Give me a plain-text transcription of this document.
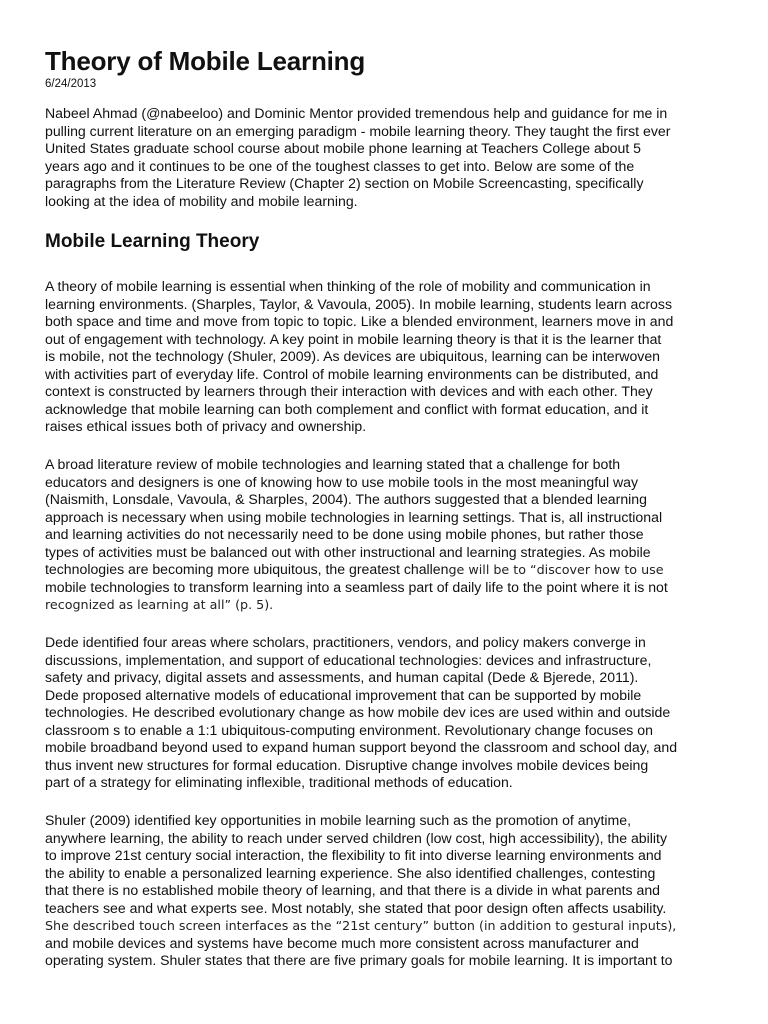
Theory of Mobile Learning
6/24/2013
Nabeel Ahmad (@nabeeloo) and Dominic Mentor provided tremendous help and guidance for me in
pulling current literature on an emerging paradigm - mobile learning theory. They taught the first ever
United States graduate school course about mobile phone learning at Teachers College about 5
years ago and it continues to be one of the toughest classes to get into. Below are some of the
paragraphs from the Literature Review (Chapter 2) section on Mobile Screencasting, specifically
looking at the idea of mobility and mobile learning.
Mobile Learning Theory
A theory of mobile learning is essential when thinking of the role of mobility and communication in
learning environments. (Sharples, Taylor, & Vavoula, 2005). In mobile learning, students learn across
both space and time and move from topic to topic. Like a blended environment, learners move in and
out of engagement with technology. A key point in mobile learning theory is that it is the learner that
is mobile, not the technology (Shuler, 2009). As devices are ubiquitous, learning can be interwoven
with activities part of everyday life. Control of mobile learning environments can be distributed, and
context is constructed by learners through their interaction with devices and with each other. They
acknowledge that mobile learning can both complement and conflict with format education, and it
raises ethical issues both of privacy and ownership.
A broad literature review of mobile technologies and learning stated that a challenge for both
educators and designers is one of knowing how to use mobile tools in the most meaningful way
(Naismith, Lonsdale, Vavoula, & Sharples, 2004). The authors suggested that a blended learning
approach is necessary when using mobile technologies in learning settings. That is, all instructional
and learning activities do not necessarily need to be done using mobile phones, but rather those
types of activities must be balanced out with other instructional and learning strategies. As mobile
technologies are becoming more ubiquitous, the greatest challenge will be to “discover how to use
mobile technologies to transform learning into a seamless part of daily life to the point where it is not
recognized as learning at all” (p. 5).
Dede identified four areas where scholars, practitioners, vendors, and policy makers converge in
discussions, implementation, and support of educational technologies: devices and infrastructure,
safety and privacy, digital assets and assessments, and human capital (Dede & Bjerede, 2011).
Dede proposed alternative models of educational improvement that can be supported by mobile
technologies. He described evolutionary change as how mobile dev ices are used within and outside
classroom s to enable a 1:1 ubiquitous-computing environment. Revolutionary change focuses on
mobile broadband beyond used to expand human support beyond the classroom and school day, and
thus invent new structures for formal education. Disruptive change involves mobile devices being
part of a strategy for eliminating inflexible, traditional methods of education.
Shuler (2009) identified key opportunities in mobile learning such as the promotion of anytime,
anywhere learning, the ability to reach under served children (low cost, high accessibility), the ability
to improve 21st century social interaction, the flexibility to fit into diverse learning environments and
the ability to enable a personalized learning experience. She also identified challenges, contesting
that there is no established mobile theory of learning, and that there is a divide in what parents and
teachers see and what experts see. Most notably, she stated that poor design often affects usability.
She described touch screen interfaces as the “21st century” button (in addition to gestural inputs),
and mobile devices and systems have become much more consistent across manufacturer and
operating system. Shuler states that there are five primary goals for mobile learning. It is important to
